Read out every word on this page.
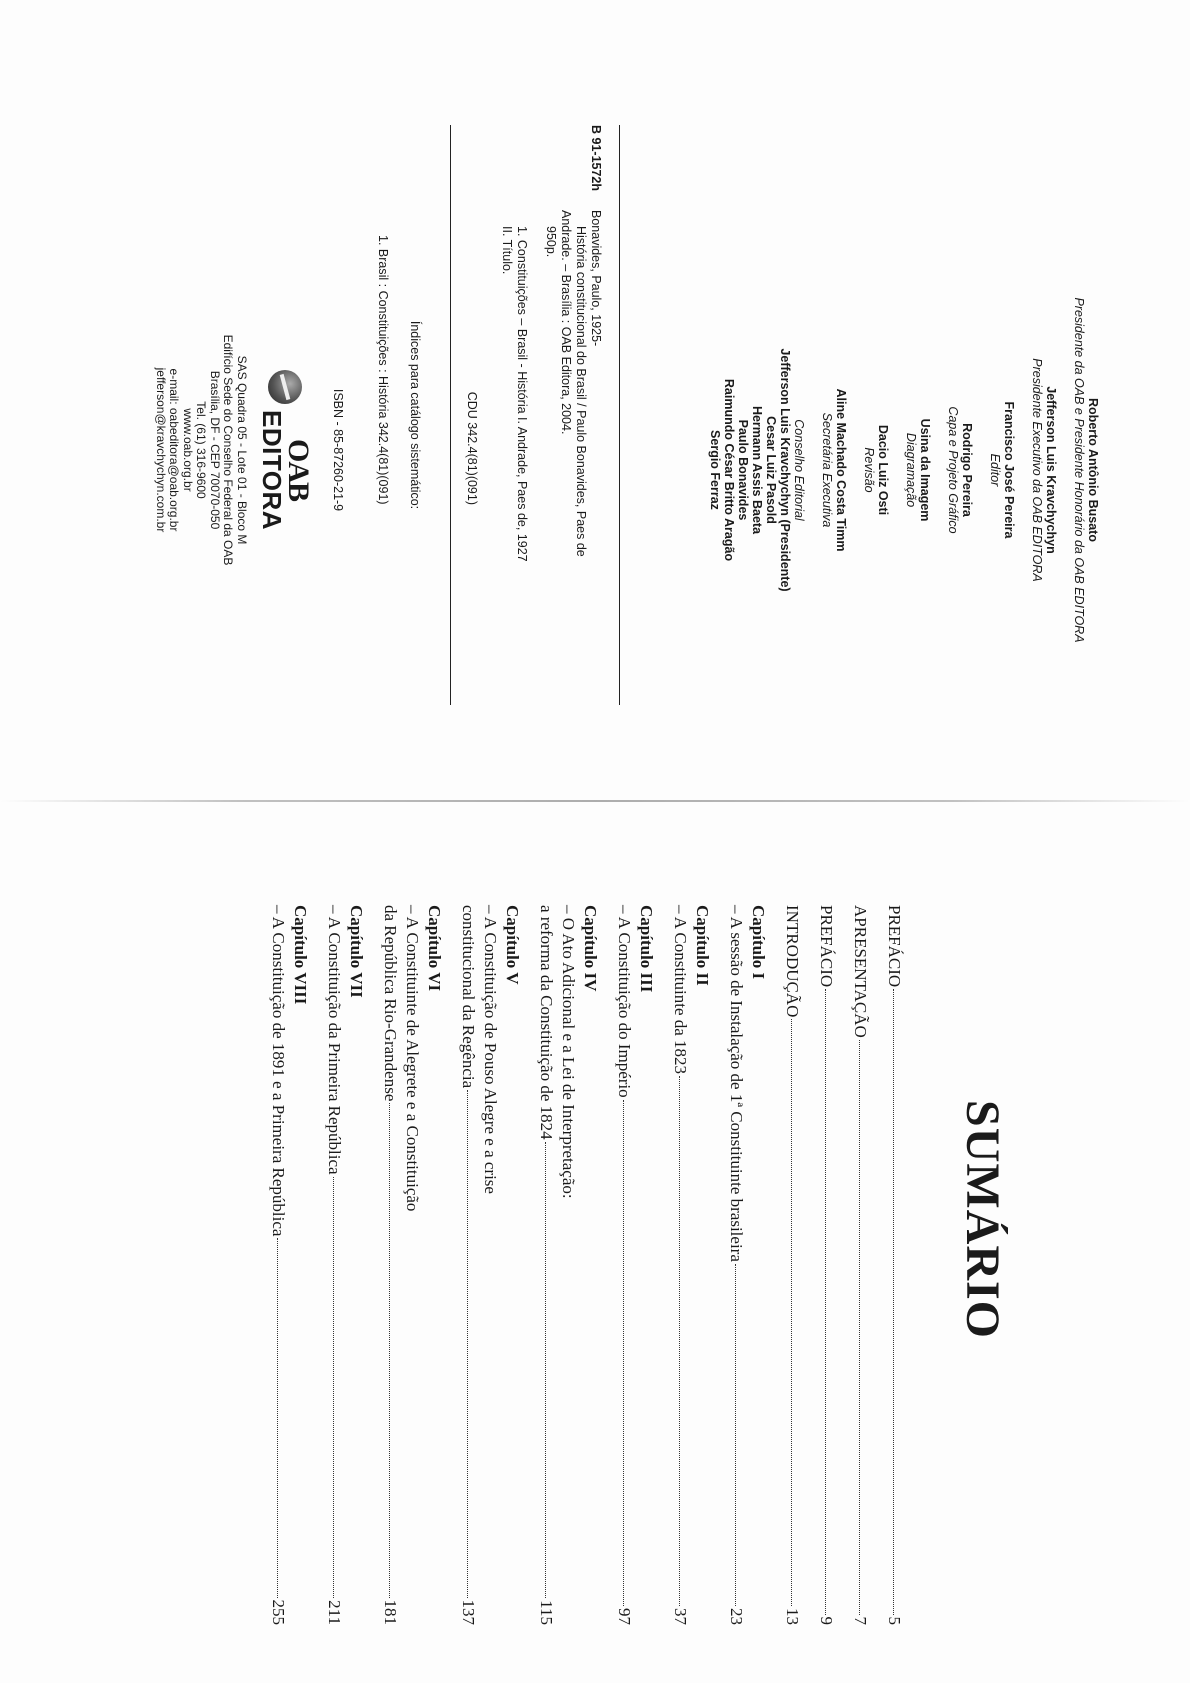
Roberto Antônio Busato
Presidente da OAB e Presidente Honorário da OAB EDITORA
Jefferson Luis Kravchychyn
Presidente Executivo da OAB EDITORA
Francisco José Pereira
Editor
Rodrigo Pereira
Capa e Projeto Gráfico
Usina da Imagem
Diagramação
Dacio Luiz Osti
Revisão
Aline Machado Costa Timm
Secretária Executiva
Conselho Editorial
Jefferson Luis Kravchychyn (Presidente)
Cesar Luiz Pasold
Hermann Assis Baeta
Paulo Bonavides
Raimundo César Britto Aragão
Sergio Ferraz
B 91-1572h

Bonavides, Paulo, 1925-

História constitucional do Brasil / Paulo Bonavides, Paes de

Andrade. – Brasília : OAB Editora, 2004.

950p.

1. Constituições – Brasil - História I. Andrade, Paes de, 1927

II. Título.

CDU 342.4(81)(091)
Índices para catálogo sistemático:
1. Brasil : Constituições : História 342.4(81)(091)
ISBN - 85-87260-21-9
OAB
EDITORA
SAS Quadra 05 - Lote 01 - Bloco M
Edifício Sede do Conselho Federal da OAB
Brasília, DF - CEP 70070-050
Tel. (61) 316-9600
www.oab.org.br
e-mail: oabeditora@oab.org.br
jefferson@kravchychyn.com.br
SUMÁRIO
PREFÁCIO
5
APRESENTAÇÃO
7
PREFÁCIO
9
INTRODUÇÃO
13
Capítulo I
– A sessão de Instalação de 1ª Constituinte brasileira
23
Capítulo II
– A Constituinte da 1823
37
Capítulo III
– A Constituição do Império
97
Capítulo IV
– O Ato Adicional e a Lei de Interpretação:
a reforma da Constituição de 1824
115
Capítulo V
– A Constituição de Pouso Alegre e a crise
constitucional da Regência
137
Capítulo VI
– A Constituinte de Alegrete e a Constituição
da República Rio-Grandense
181
Capítulo VII
– A Constituição da Primeira República
211
Capítulo VIII
– A Constituição de 1891 e a Primeira República
255
